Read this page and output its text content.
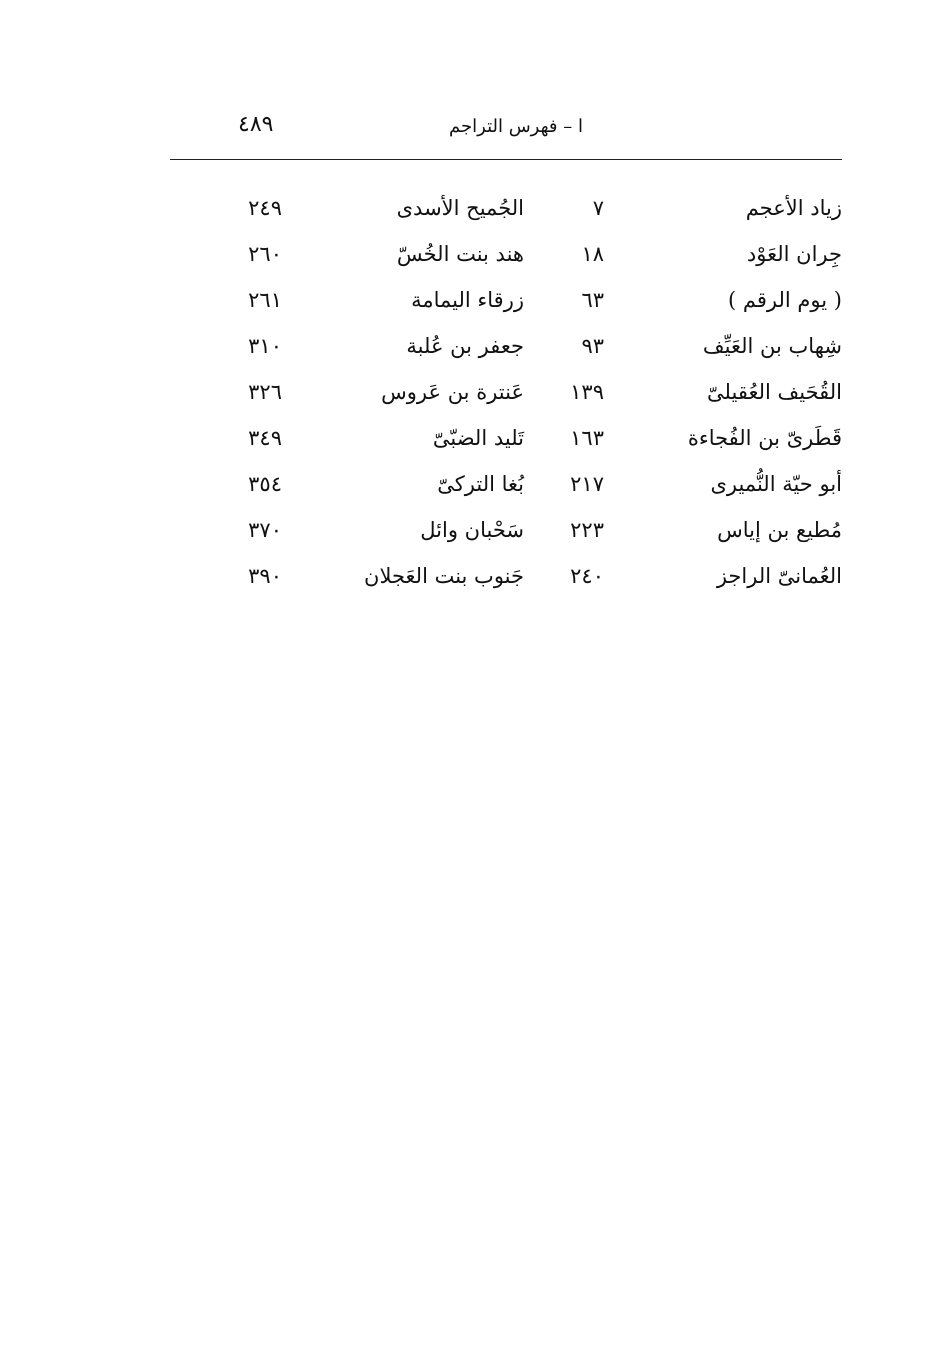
٤٨٩	ا – فهرس التراجم
زياد الأعجم
٧
الجُميح الأسدى
٢٤٩
جِران العَوْد
١٨
هند بنت الخُسّ
٢٦٠
( يوم الرقم )
٦٣
زرقاء اليمامة
٢٦١
شِهاب بن العَيِّف
٩٣
جعفر بن عُلبة
٣١٠
القُحَيف العُقيلىّ
١٣٩
عَنترة بن عَروس
٣٢٦
قَطَرىّ بن الفُجاءة
١٦٣
تَليد الضبّىّ
٣٤٩
أبو حيّة النُّميرى
٢١٧
بُغا التركىّ
٣٥٤
مُطيع بن إياس
٢٢٣
سَحْبان وائل
٣٧٠
العُمانىّ الراجز
٢٤٠
جَنوب بنت العَجلان
٣٩٠
